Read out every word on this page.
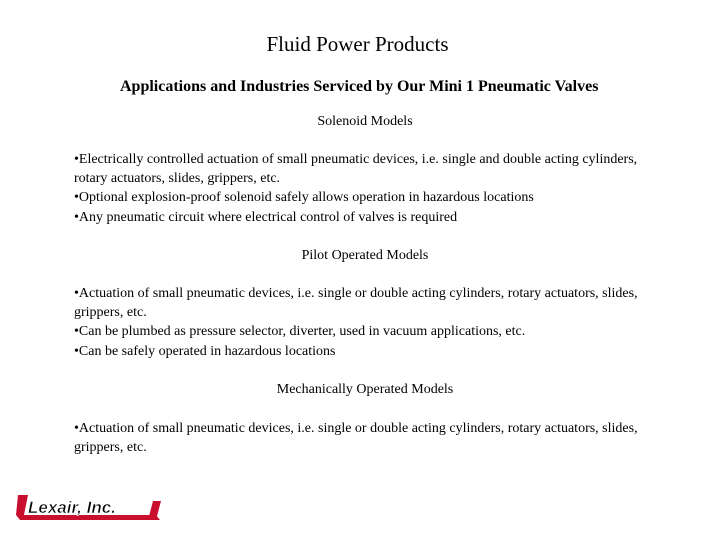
Fluid Power Products
Applications and Industries Serviced by Our Mini 1 Pneumatic Valves
Solenoid Models

•Electrically controlled actuation of small pneumatic devices, i.e. single and double acting cylinders, rotary actuators, slides, grippers, etc.

•Optional explosion-proof solenoid safely allows operation in hazardous locations

•Any pneumatic circuit where electrical control of valves is required

Pilot Operated Models

•Actuation of small pneumatic devices, i.e. single or double acting cylinders, rotary actuators, slides, grippers, etc.

•Can be plumbed as pressure selector, diverter, used in vacuum applications, etc.

•Can be safely operated in hazardous locations

Mechanically Operated Models

•Actuation of small pneumatic devices, i.e. single or double acting cylinders, rotary actuators, slides, grippers, etc.

Lexair, Inc.
